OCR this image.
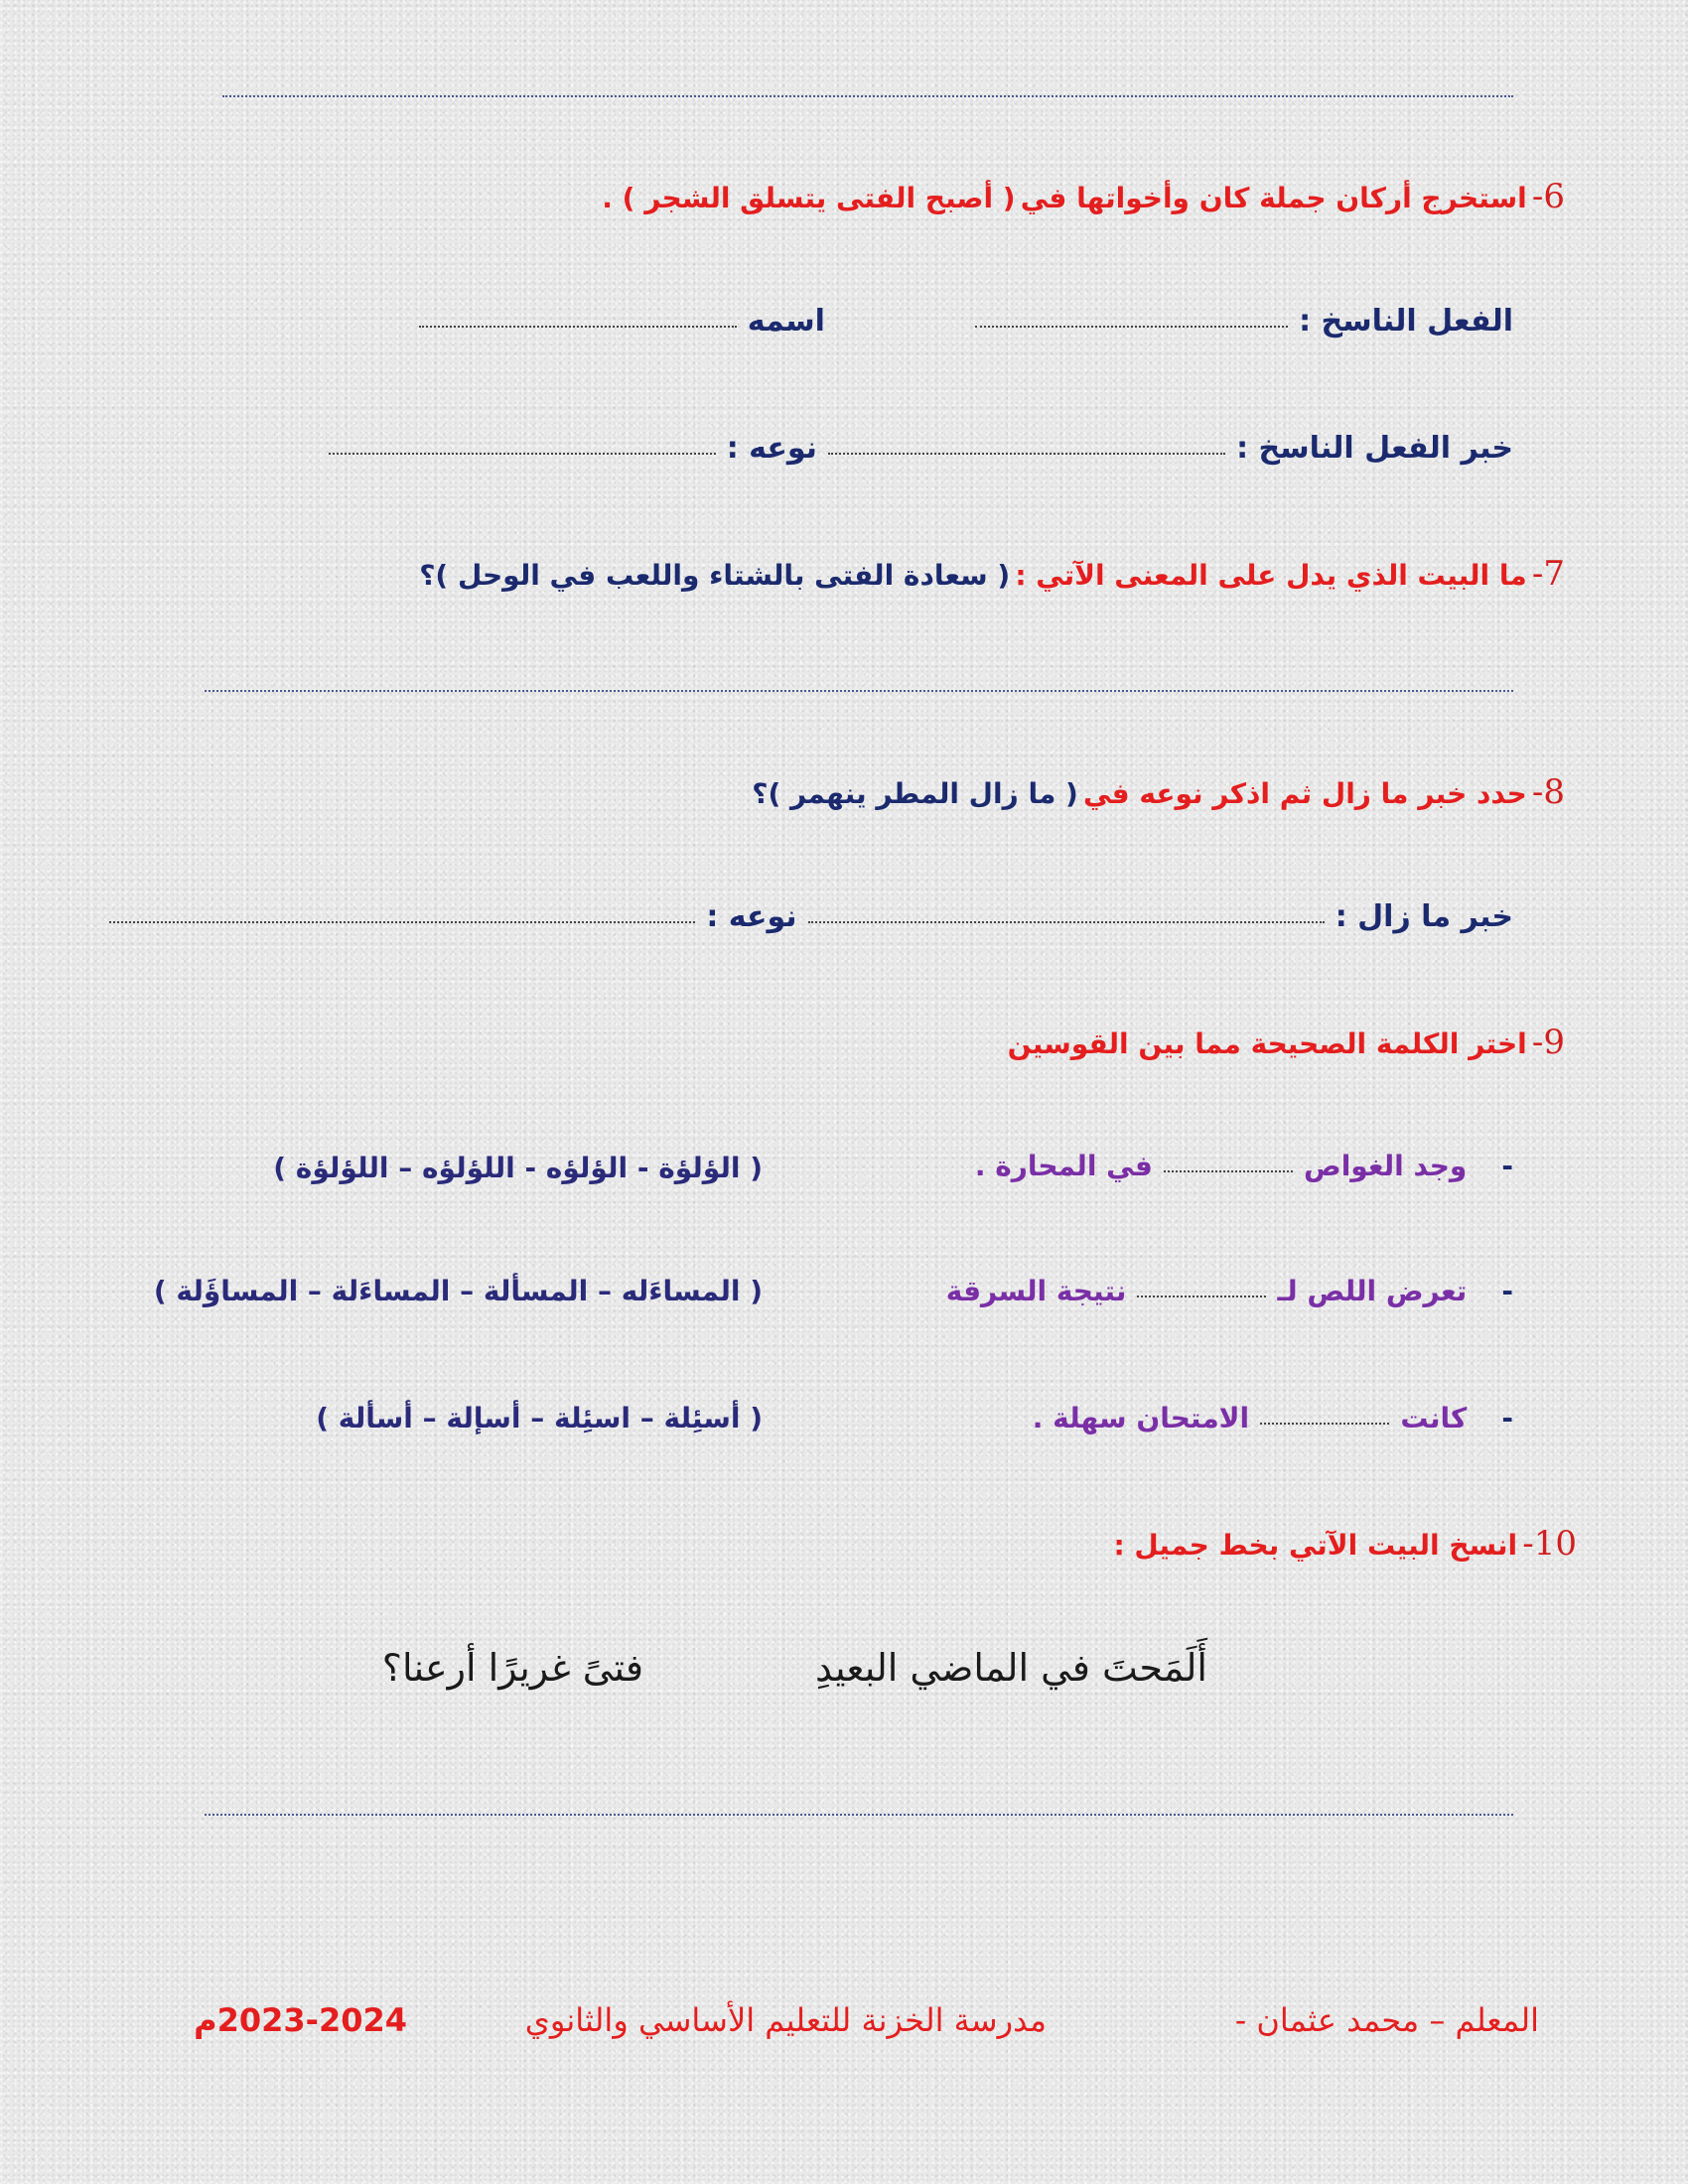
6- استخرج أركان جملة كان وأخواتها في ( أصبح الفتى يتسلق الشجر ) .
الفعل الناسخ :  اسمه
خبر الفعل الناسخ :  نوعه :
7- ما البيت الذي يدل على المعنى الآتي : ( سعادة الفتى بالشتاء واللعب في الوحل )؟
8- حدد خبر ما زال ثم اذكر نوعه في ( ما زال المطر ينهمر )؟
خبر ما زال :  نوعه :
9- اختر الكلمة الصحيحة مما بين القوسين
- وجد الغواص  في المحارة .
( الؤلؤة - الؤلؤه - اللؤلؤه – اللؤلؤة )
- تعرض اللص لـ  نتيجة السرقة
( المساءَله – المسألة – المساءَلة – المساؤَلة )
- كانت  الامتحان سهلة .
( أسئِلة – اسئِلة – أسإلة – أسألة )
10- انسخ البيت الآتي بخط جميل :
أَلَمَحتَ في الماضي البعيدِ
فتىً غريرًا أرعنا؟
المعلم – محمد عثمان -
مدرسة الخزنة للتعليم الأساسي والثانوي
2023-2024م
